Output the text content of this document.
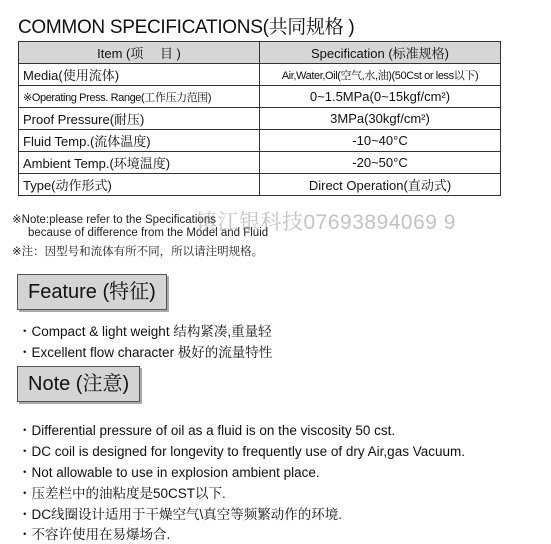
COMMON SPECIFICATIONS(共同规格 )
Item (项　 目 )	Specification (标准规格)
Media(使用流体)	Air,Water,Oil(空气,水,油)(50Cst or less以下)
※Operating Press. Range(工作压力范围)	0~1.5MPa(0~15kgf/cm²)
Proof Pressure(耐压)	3MPa(30kgf/cm²)
Fluid Temp.(流体温度)	-10~40°C
Ambient Temp.(环境温度)	-20~50°C
Type(动作形式)	Direct Operation(直动式)
※Note:please refer to the Specifications
because of difference from the Model and Fluid
※注：因型号和流体有所不同，所以请注明规格。
镇江银科技07693894069 9
Feature (特征)
・Compact & light weight 结构紧凑,重量轻
・Excellent flow character 极好的流量特性
Note (注意)
・Differential pressure of oil as a fluid is on the viscosity 50 cst.
・DC coil is designed for longevity to frequently use of dry Air,gas Vacuum.
・Not allowable to use in explosion ambient place.
・压差栏中的油粘度是50CST以下.
・DC线圈设计适用于干燥空气\真空等频繁动作的环境.
・不容许使用在易爆场合.
